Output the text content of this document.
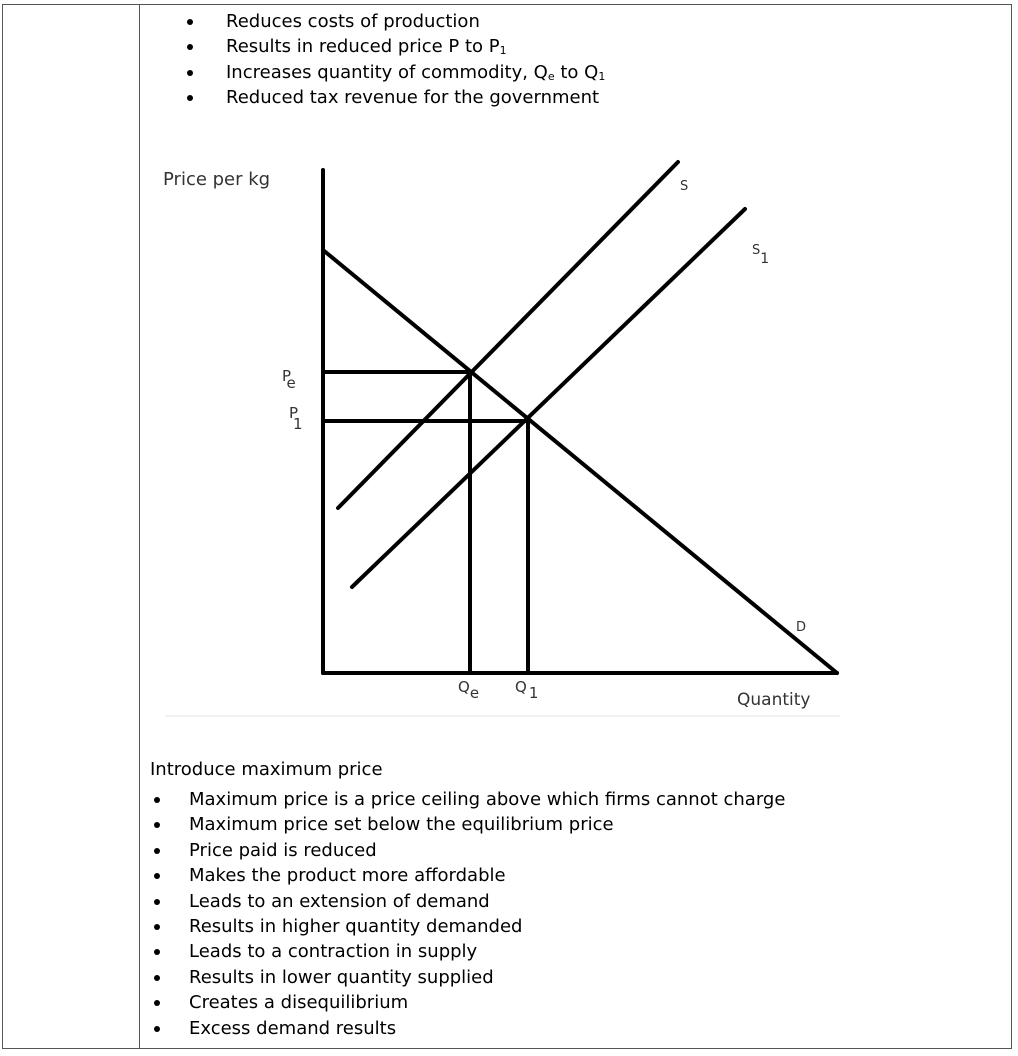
Reduces costs of production
Results in reduced price P to $P_1$
Increases quantity of commodity, $Q_e$ to $Q_1$
Reduced tax revenue for the government
Price per kg
Quantity
S
S1
D
Pe
P 1
Qe Q 1
Introduce maximum price
Maximum price is a price ceiling above which firms cannot charge
Maximum price set below the equilibrium price
Price paid is reduced
Makes the product more affordable
Leads to an extension of demand
Results in higher quantity demanded
Leads to a contraction in supply
Results in lower quantity supplied
Creates a disequilibrium
Excess demand results
